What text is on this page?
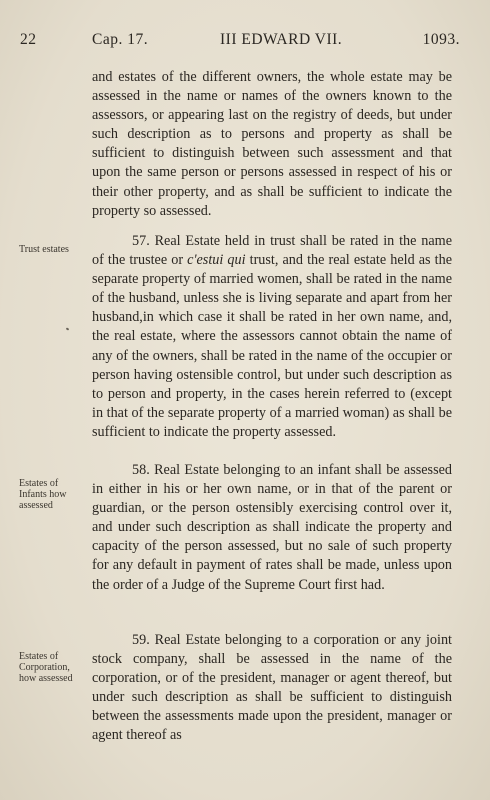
22	Cap. 17.	III EDWARD VII.	1093.

and estates of the different owners, the whole estate may be assessed in the name or names of the owners known to the assessors, or appearing last on the registry of deeds, but under such description as to persons and property as shall be sufficient to distinguish between such assessment and that upon the same person or persons assessed in respect of his or their other property, and as shall be sufficient to indicate the property so assessed.

Trust estates

57. Real Estate held in trust shall be rated in the name of the trustee or c'estui qui trust, and the real estate held as the separate property of married women, shall be rated in the name of the husband, unless she is living separate and apart from her husband,in which case it shall be rated in her own name, and, the real estate, where the assessors cannot obtain the name of any of the owners, shall be rated in the name of the occupier or person having ostensible control, but under such description as to person and property, in the cases herein referred to (except in that of the separate property of a married woman) as shall be sufficient to indicate the property assessed.

Estates of
Infants how
assessed

58. Real Estate belonging to an infant shall be assessed in either in his or her own name, or in that of the parent or guardian, or the person ostensibly exercising control over it, and under such description as shall indicate the property and capacity of the person assessed, but no sale of such property for any default in payment of rates shall be made, unless upon the order of a Judge of the Supreme Court first had.

Estates of
Corporation,
how assessed

59. Real Estate belonging to a corporation or any joint stock company, shall be assessed in the name of the corporation, or of the president, manager or agent thereof, but under such description as shall be sufficient to distinguish between the assessments made upon the president, manager or agent thereof as
